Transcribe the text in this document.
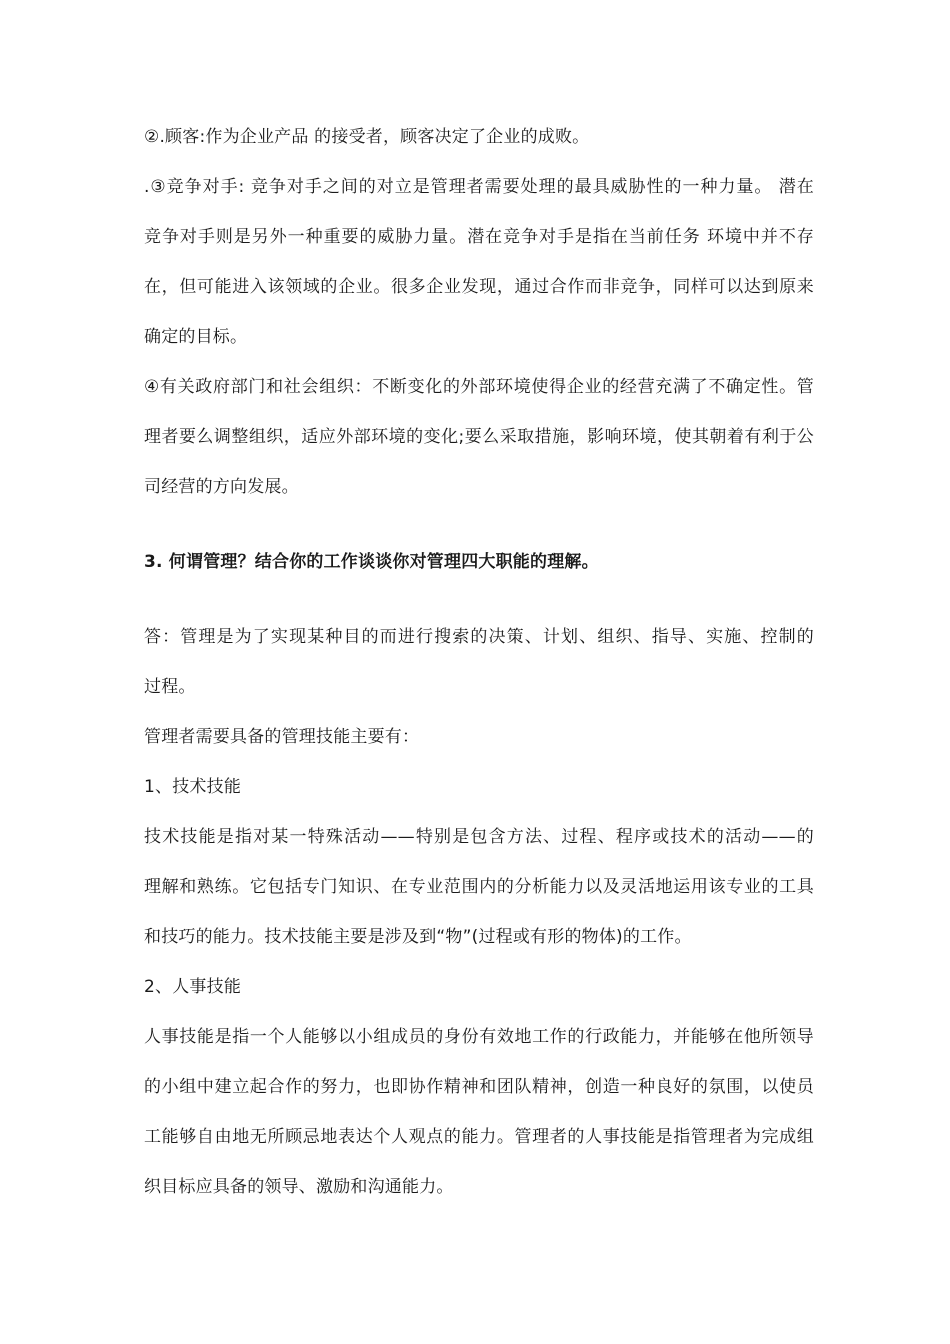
②.顾客:作为企业产品 的接受者，顾客决定了企业的成败。
.③竞争对手: 竞争对手之间的对立是管理者需要处理的最具威胁性的一种力量。 潜在
竞争对手则是另外一种重要的威胁力量。潜在竞争对手是指在当前任务 环境中并不存
在，但可能进入该领域的企业。很多企业发现，通过合作而非竞争，同样可以达到原来
确定的目标。
④有关政府部门和社会组织：不断变化的外部环境使得企业的经营充满了不确定性。管
理者要么调整组织，适应外部环境的变化;要么采取措施，影响环境，使其朝着有利于公
司经营的方向发展。
3. 何谓管理？结合你的工作谈谈你对管理四大职能的理解。
答：管理是为了实现某种目的而进行搜索的决策、计划、组织、指导、实施、控制的
过程。
管理者需要具备的管理技能主要有：
1、技术技能
技术技能是指对某一特殊活动——特别是包含方法、过程、程序或技术的活动——的
理解和熟练。它包括专门知识、在专业范围内的分析能力以及灵活地运用该专业的工具
和技巧的能力。技术技能主要是涉及到“物”(过程或有形的物体)的工作。
2、人事技能
人事技能是指一个人能够以小组成员的身份有效地工作的行政能力，并能够在他所领导
的小组中建立起合作的努力，也即协作精神和团队精神，创造一种良好的氛围，以使员
工能够自由地无所顾忌地表达个人观点的能力。管理者的人事技能是指管理者为完成组
织目标应具备的领导、激励和沟通能力。
